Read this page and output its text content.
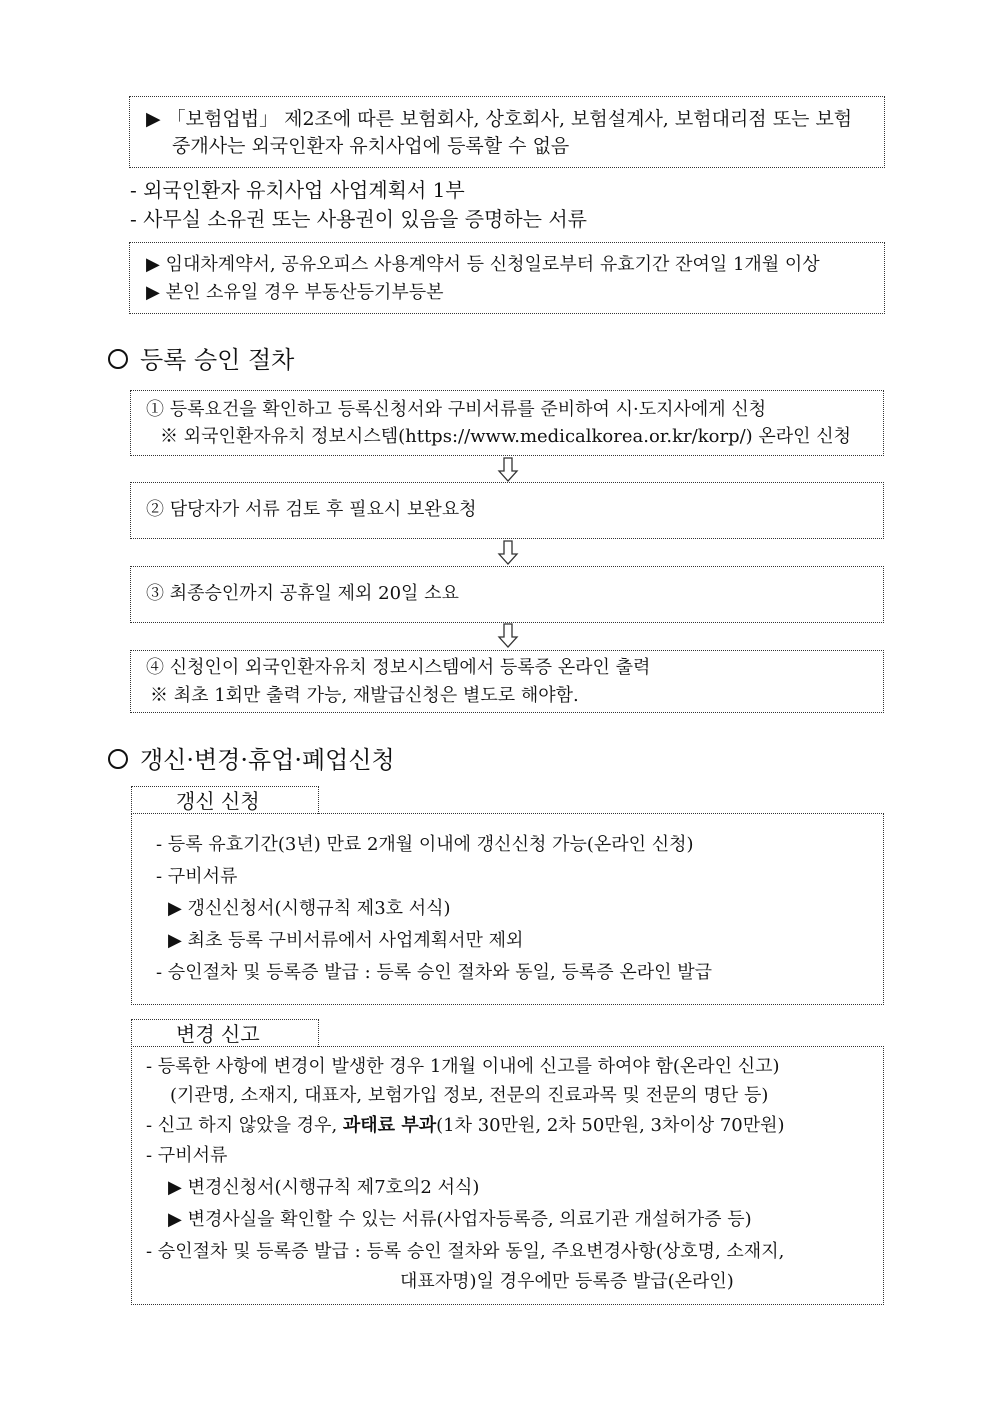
▶ 「보험업법」 제2조에 따른 보험회사, 상호회사, 보험설계사, 보험대리점 또는 보험
중개사는 외국인환자 유치사업에 등록할 수 없음
- 외국인환자 유치사업 사업계획서 1부
- 사무실 소유권 또는 사용권이 있음을 증명하는 서류
▶ 임대차계약서, 공유오피스 사용계약서 등 신청일로부터 유효기간 잔여일 1개월 이상
▶ 본인 소유일 경우 부동산등기부등본
등록 승인 절차
① 등록요건을 확인하고 등록신청서와 구비서류를 준비하여 시·도지사에게 신청
※ 외국인환자유치 정보시스템(https://www.medicalkorea.or.kr/korp/) 온라인 신청
② 담당자가 서류 검토 후 필요시 보완요청
③ 최종승인까지 공휴일 제외 20일 소요
④ 신청인이 외국인환자유치 정보시스템에서 등록증 온라인 출력
※ 최초 1회만 출력 가능, 재발급신청은 별도로 해야함.
갱신·변경·휴업·폐업신청
갱신 신청
- 등록 유효기간(3년) 만료 2개월 이내에 갱신신청 가능(온라인 신청)
- 구비서류
▶ 갱신신청서(시행규칙 제3호 서식)
▶ 최초 등록 구비서류에서 사업계획서만 제외
- 승인절차 및 등록증 발급 : 등록 승인 절차와 동일, 등록증 온라인 발급
변경 신고
- 등록한 사항에 변경이 발생한 경우 1개월 이내에 신고를 하여야 함(온라인 신고)
(기관명, 소재지, 대표자, 보험가입 정보, 전문의 진료과목 및 전문의 명단 등)
- 신고 하지 않았을 경우, 과태료 부과(1차 30만원, 2차 50만원, 3차이상 70만원)
- 구비서류
▶ 변경신청서(시행규칙 제7호의2 서식)
▶ 변경사실을 확인할 수 있는 서류(사업자등록증, 의료기관 개설허가증 등)
- 승인절차 및 등록증 발급 : 등록 승인 절차와 동일, 주요변경사항(상호명, 소재지,
대표자명)일 경우에만 등록증 발급(온라인)
